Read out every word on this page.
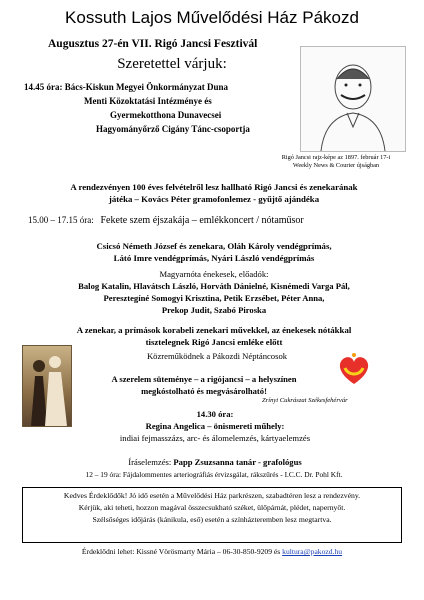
Kossuth Lajos Művelődési Ház Pákozd
Augusztus 27-én VII. Rigó Jancsi Fesztivál
Szeretettel várjuk:
14.45 óra: Bács-Kiskun Megyei Önkormányzat Duna
Menti Közoktatási Intézménye és
Gyermekotthona Dunavecsei
Hagyományőrző Cigány Tánc-csoportja
Rigó Jancsi rajz-képe az 1897. február 17-i
Weekly News & Courier újságban
A rendezvényen 100 éves felvételről lesz hallható Rigó Jancsi és zenekarának
játéka – Kovács Péter gramofonlemez - gyűjtő ajándéka
15.00 – 17.15 óra: Fekete szem éjszakája – emlékkoncert / nótaműsor
Csicsó Németh József és zenekara, Oláh Károly vendégprímás,
Látó Imre vendégprímás, Nyári László vendégprímás
Magyarnóta énekesek, előadók:
Balog Katalin, Hlavátsch László, Horváth Dánielné, Kisnémedi Varga Pál,
Peresztegíné Somogyi Krisztina, Petik Erzsébet, Péter Anna,
Prekop Judit, Szabó Piroska
A zenekar, a prímások korabeli zenekari művekkel, az énekesek nótákkal
tisztelegnek Rigó Jancsi emléke előtt
Közreműködnek a Pákozdi Néptáncosok
A szerelem süteménye – a rigójancsi – a helyszínen
megkóstolható és megvásárolható!
Zrínyi Cukrászat Székesfehérvár
14.30 óra:
Regina Angelica – önismereti műhely:
indiai fejmasszázs, arc- és álomelemzés, kártyaelemzés
Íráselemzés: Papp Zsuzsanna tanár - grafológus
12 – 19 óra: Fájdalommentes arteriográfiás érvizsgálat, rákszűrés - I.C.C. Dr. Pohl Kft.
Kedves Érdeklődők! Jó idő esetén a Művelődési Ház parkrészen, szabadtéren lesz a rendezvény.
Kérjük, aki teheti, hozzon magával összecsukható széket, ülőpárnát, plédet, napernyőt.
Szélsőséges időjárás (kánikula, eső) esetén a színházteremben lesz megtartva.
Érdeklődni lehet: Kissné Vörösmarty Mária – 06-30-850-9209 és kultura@pakozd.hu
